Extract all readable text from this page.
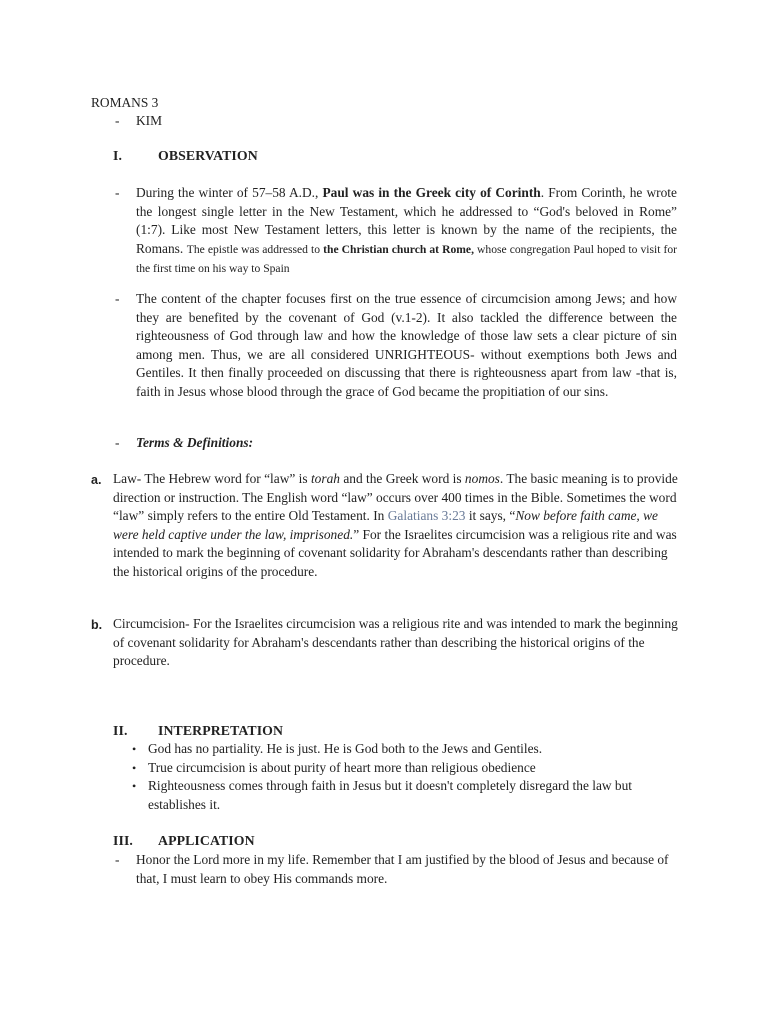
ROMANS 3
- KIM
I.	OBSERVATION
- During the winter of 57–58 A.D., Paul was in the Greek city of Corinth. From Corinth, he wrote the longest single letter in the New Testament, which he addressed to “God's beloved in Rome” (1:7). Like most New Testament letters, this letter is known by the name of the recipients, the Romans. The epistle was addressed to the Christian church at Rome, whose congregation Paul hoped to visit for the first time on his way to Spain
- The content of the chapter focuses first on the true essence of circumcision among Jews; and how they are benefited by the covenant of God (v.1-2). It also tackled the difference between the righteousness of God through law and how the knowledge of those law sets a clear picture of sin among men. Thus, we are all considered UNRIGHTEOUS- without exemptions both Jews and Gentiles. It then finally proceeded on discussing that there is righteousness apart from law -that is, faith in Jesus whose blood through the grace of God became the propitiation of our sins.
- Terms & Definitions:
a. Law- The Hebrew word for “law” is torah and the Greek word is nomos. The basic meaning is to provide direction or instruction. The English word “law” occurs over 400 times in the Bible. Sometimes the word “law” simply refers to the entire Old Testament. In Galatians 3:23 it says, “Now before faith came, we were held captive under the law, imprisoned.” For the Israelites circumcision was a religious rite and was intended to mark the beginning of covenant solidarity for Abraham's descendants rather than describing the historical origins of the procedure.
b. Circumcision- For the Israelites circumcision was a religious rite and was intended to mark the beginning of covenant solidarity for Abraham's descendants rather than describing the historical origins of the procedure.
II. INTERPRETATION
• God has no partiality. He is just. He is God both to the Jews and Gentiles.
• True circumcision is about purity of heart more than religious obedience
• Righteousness comes through faith in Jesus but it doesn't completely disregard the law but establishes it.
III. APPLICATION
- Honor the Lord more in my life. Remember that I am justified by the blood of Jesus and because of that, I must learn to obey His commands more.
